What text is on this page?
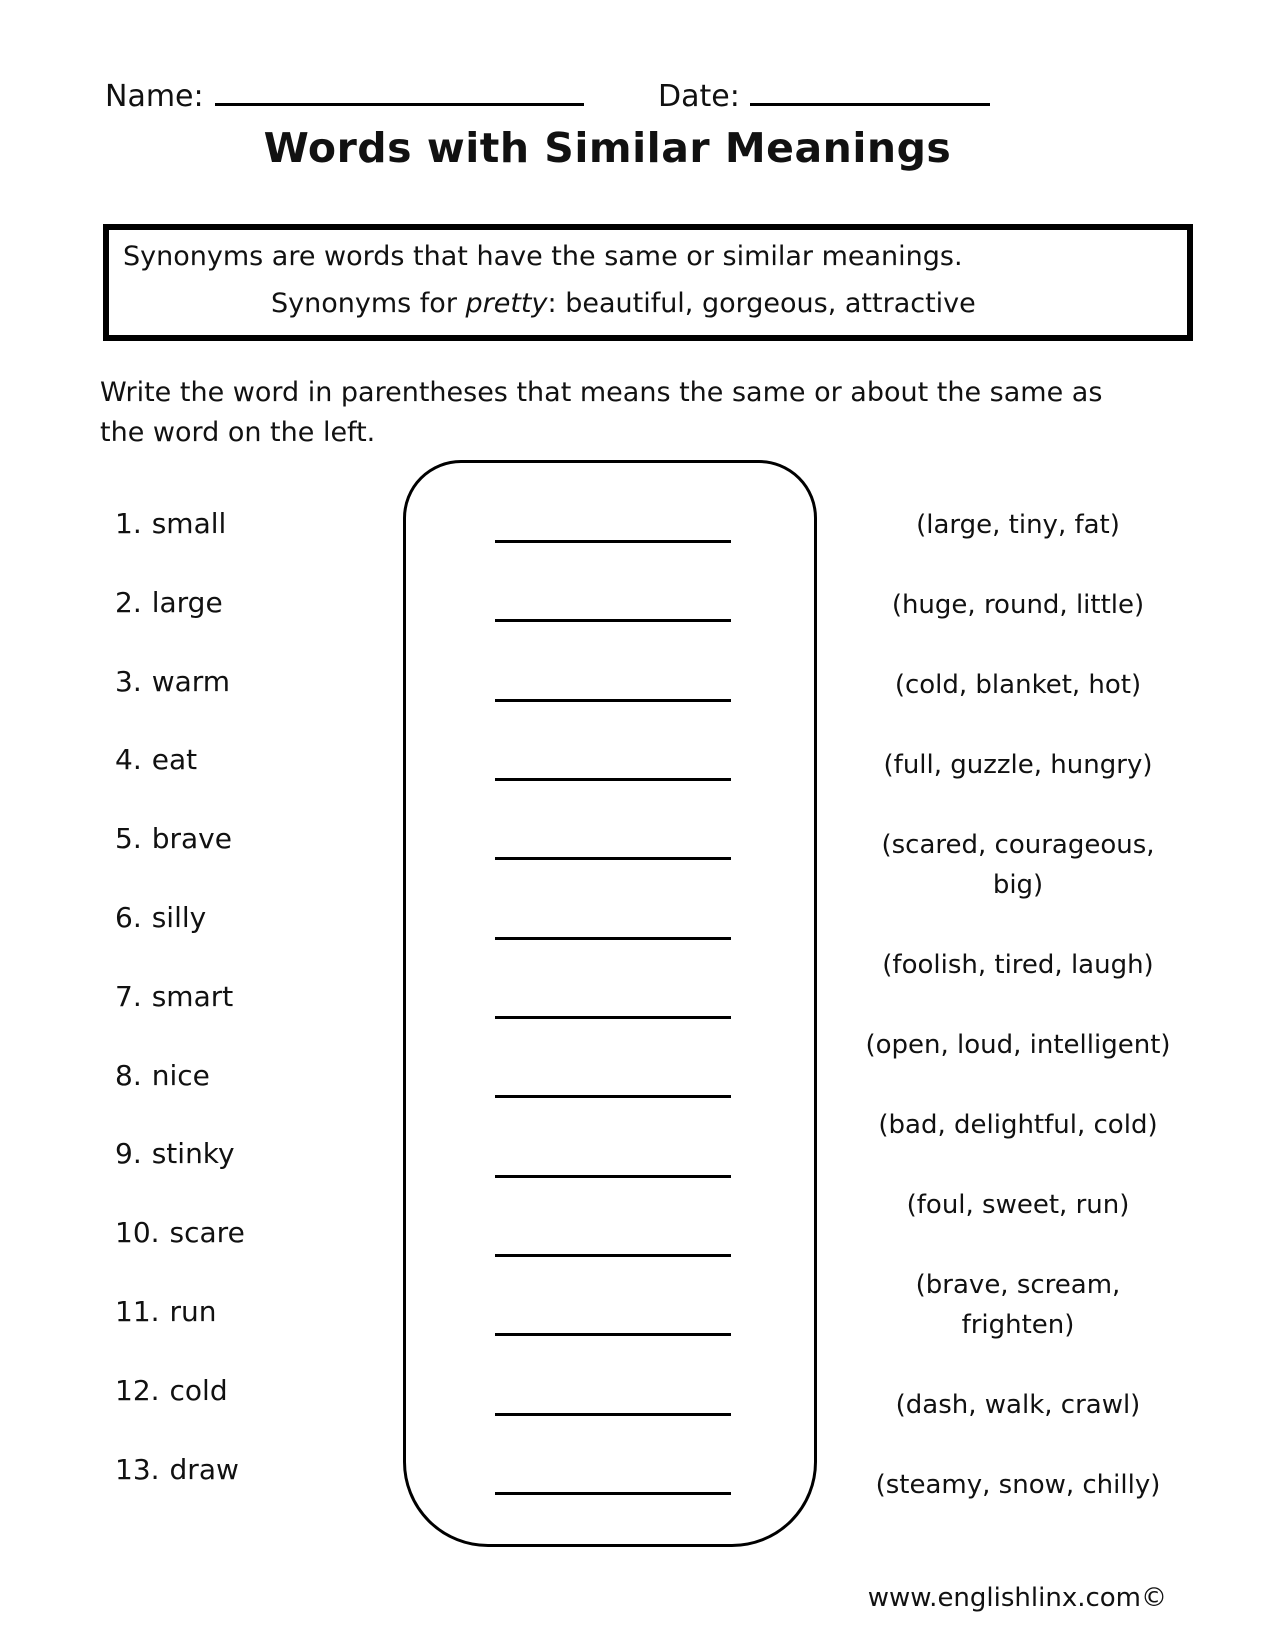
Name:	Date:
Words with Similar Meanings

Synonyms are words that have the same or similar meanings.

Synonyms for pretty: beautiful, gorgeous, attractive

Write the word in parentheses that means the same or about the same as
the word on the left.
1. small
2. large
3. warm
4. eat
5. brave
6. silly
7. smart
8. nice
9. stinky
10. scare
11. run
12. cold
13. draw
(large, tiny, fat)
(huge, round, little)
(cold, blanket, hot)
(full, guzzle, hungry)
(scared, courageous,
big)
(foolish, tired, laugh)
(open, loud, intelligent)
(bad, delightful, cold)
(foul, sweet, run)
(brave, scream,
frighten)
(dash, walk, crawl)
(steamy, snow, chilly)
www.englishlinx.com©
